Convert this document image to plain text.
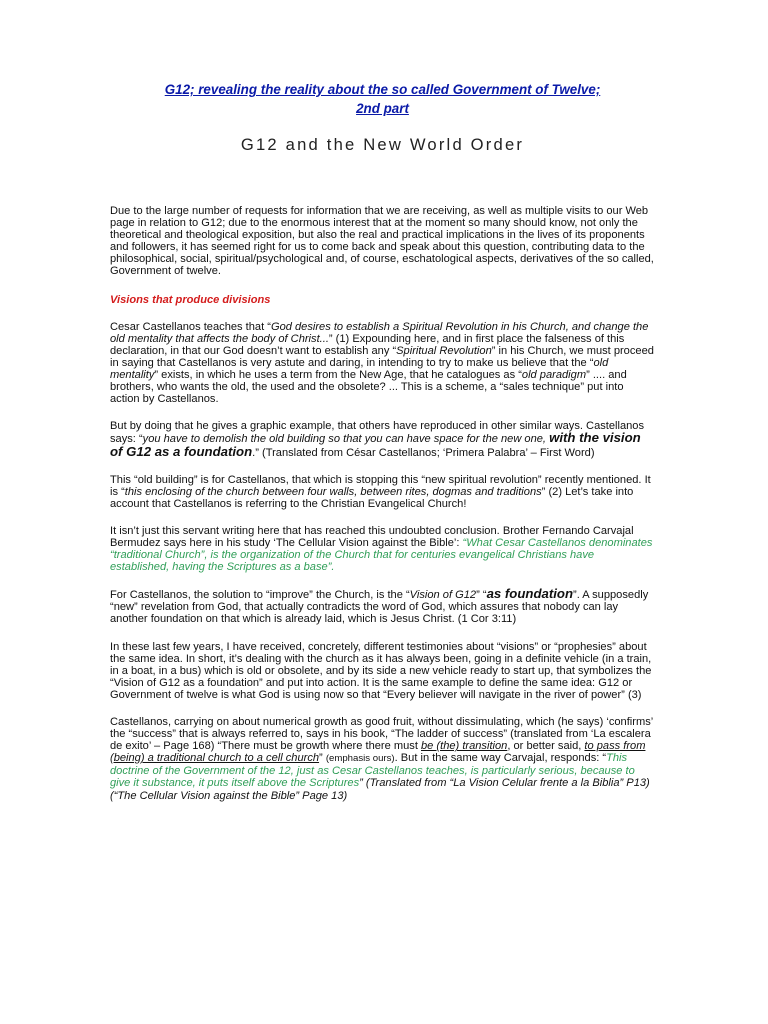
G12; revealing the reality about the so called Government of Twelve;
2nd part

G12 and the New World Order

Due to the large number of requests for information that we are receiving, as well as multiple visits to our Web page in relation to G12; due to the enormous interest that at the moment so many should know, not only the theoretical and theological exposition, but also the real and practical implications in the lives of its proponents and followers, it has seemed right for us to come back and speak about this question, contributing data to the philosophical, social, spiritual/psychological and, of course, eschatological aspects, derivatives of the so called, Government of twelve.

Visions that produce divisions

Cesar Castellanos teaches that “God desires to establish a Spiritual Revolution in his Church, and change the old mentality that affects the body of Christ...” (1) Expounding here, and in first place the falseness of this declaration, in that our God doesn’t want to establish any “Spiritual Revolution” in his Church, we must proceed in saying that Castellanos is very astute and daring, in intending to try to make us believe that the “old mentality” exists, in which he uses a term from the New Age, that he catalogues as “old paradigm” .... and brothers, who wants the old, the used and the obsolete? ... This is a scheme, a “sales technique” put into action by Castellanos.

But by doing that he gives a graphic example, that others have reproduced in other similar ways. Castellanos says: “you have to demolish the old building so that you can have space for the new one, with the vision of G12 as a foundation.” (Translated from César Castellanos; ‘Primera Palabra’ – First Word)

This “old building” is for Castellanos, that which is stopping this “new spiritual revolution” recently mentioned. It is “this enclosing of the church between four walls, between rites, dogmas and traditions” (2) Let’s take into account that Castellanos is referring to the Christian Evangelical Church!

It isn’t just this servant writing here that has reached this undoubted conclusion. Brother Fernando Carvajal Bermudez says here in his study ‘The Cellular Vision against the Bible’: “What Cesar Castellanos denominates “traditional Church”, is the organization of the Church that for centuries evangelical Christians have established, having the Scriptures as a base”.

For Castellanos, the solution to “improve” the Church, is the “Vision of G12” “as foundation”. A supposedly “new” revelation from God, that actually contradicts the word of God, which assures that nobody can lay another foundation on that which is already laid, which is Jesus Christ. (1 Cor 3:11)

In these last few years, I have received, concretely, different testimonies about “visions” or “prophesies” about the same idea. In short, it’s dealing with the church as it has always been, going in a definite vehicle (in a train, in a boat, in a bus) which is old or obsolete, and by its side a new vehicle ready to start up, that symbolizes the “Vision of G12 as a foundation” and put into action. It is the same example to define the same idea: G12 or Government of twelve is what God is using now so that “Every believer will navigate in the river of power” (3)

Castellanos, carrying on about numerical growth as good fruit, without dissimulating, which (he says) ‘confirms’ the “success” that is always referred to, says in his book, “The ladder of success” (translated from ‘La escalera de exito’ – Page 168) “There must be growth where there must be (the) transition, or better said, to pass from (being) a traditional church to a cell church” (emphasis ours). But in the same way Carvajal, responds: “This doctrine of the Government of the 12, just as Cesar Castellanos teaches, is particularly serious, because to give it substance, it puts itself above the Scriptures” (Translated from “La Vision Celular frente a la Biblia” P13) (“The Cellular Vision against the Bible” Page 13)
